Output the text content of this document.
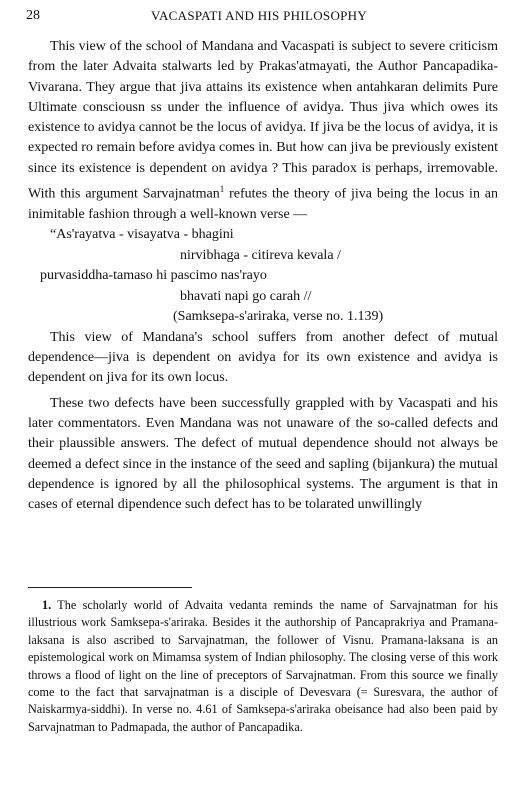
28	VACASPATI AND HIS PHILOSOPHY

This view of the school of Mandana and Vacaspati is subject to severe criticism from the later Advaita stalwarts led by Prakas'atmayati, the Author Pancapadika-Vivarana. They argue that jiva attains its existence when antahkaran delimits Pure Ultimate consciousn ss under the influence of avidya. Thus jiva which owes its existence to avidya cannot be the locus of avidya. If jiva be the locus of avidya, it is expected ro remain before avidya comes in. But how can jiva be previously existent since its existence is dependent on avidya ? This paradox is perhaps, irremovable. With this argument Sarvajnatman$^1$ refutes the theory of jiva being the locus in an inimitable fashion through a well-known verse —

“As'rayatva - visayatva - bhagini
nirvibhaga - citireva kevala /
purvasiddha-tamaso hi pascimo nas'rayo
bhavati napi go carah //
(Samksepa-s'ariraka, verse no. 1.139)

This view of Mandana's school suffers from another defect of mutual dependence—jiva is dependent on avidya for its own existence and avidya is dependent on jiva for its own locus.

These two defects have been successfully grappled with by Vacaspati and his later commentators. Even Mandana was not unaware of the so-called defects and their plaussible answers. The defect of mutual dependence should not always be deemed a defect since in the instance of the seed and sapling (bijankura) the mutual dependence is ignored by all the philosophical systems. The argument is that in cases of eternal dipendence such defect has to be tolarated unwillingly

1. The scholarly world of Advaita vedanta reminds the name of Sarvajnatman for his illustrious work Samksepa-s'ariraka. Besides it the authorship of Pancaprakriya and Pramana-laksana is also ascribed to Sarvajnatman, the follower of Visnu. Pramana-laksana is an epistemological work on Mimamsa system of Indian philosophy. The closing verse of this work throws a flood of light on the line of preceptors of Sarvajnatman. From this source we finally come to the fact that sarvajnatman is a disciple of Devesvara (= Suresvara, the author of Naiskarmya-siddhi). In verse no. 4.61 of Samksepa-s'ariraka obeisance had also been paid by Sarvajnatman to Padmapada, the author of Pancapadika.
